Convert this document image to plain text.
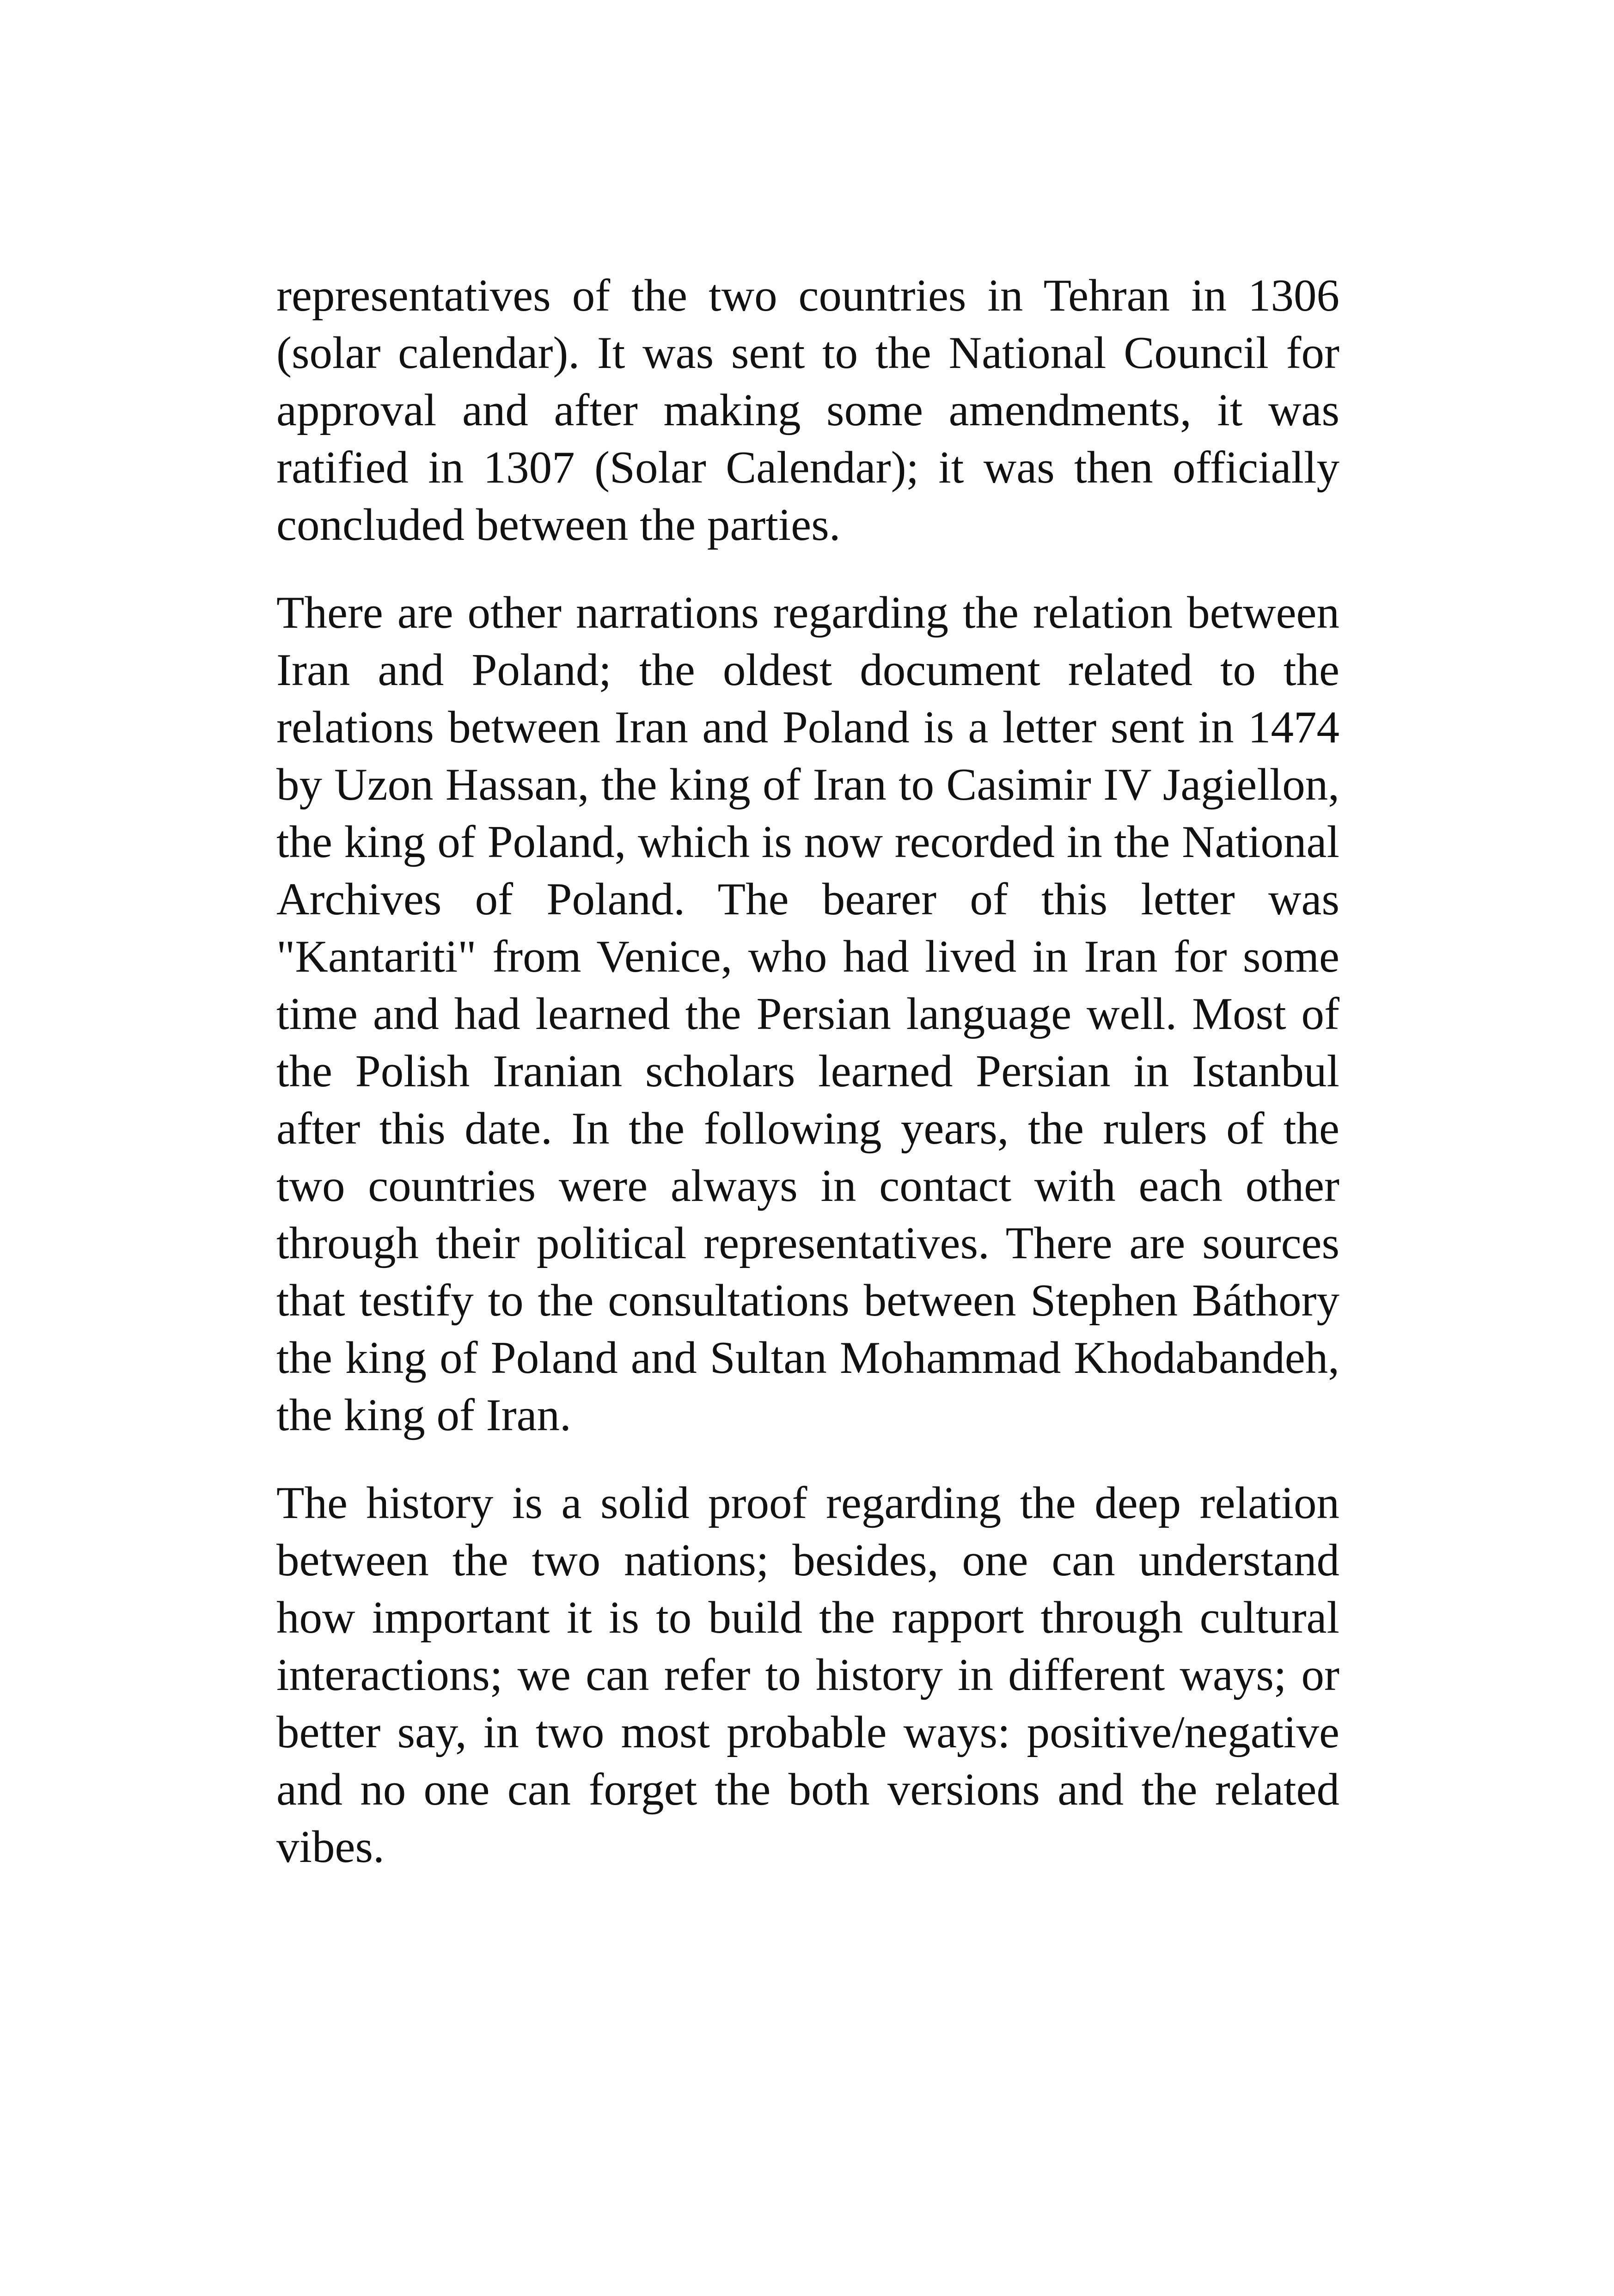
representatives of the two countries in Tehran in 1306 (solar calendar). It was sent to the National Council for approval and after making some amendments, it was ratified in 1307 (Solar Calendar); it was then officially concluded between the parties.

There are other narrations regarding the relation between Iran and Poland; the oldest document related to the relations between Iran and Poland is a letter sent in 1474 by Uzon Hassan, the king of Iran to Casimir IV Jagiellon, the king of Poland, which is now recorded in the National Archives of Poland. The bearer of this letter was "Kantariti" from Venice, who had lived in Iran for some time and had learned the Persian language well. Most of the Polish Iranian scholars learned Persian in Istanbul after this date. In the following years, the rulers of the two countries were always in contact with each other through their political representatives. There are sources that testify to the consultations between Stephen Báthory the king of Poland and Sultan Mohammad Khodabandeh, the king of Iran.

The history is a solid proof regarding the deep relation between the two nations; besides, one can understand how important it is to build the rapport through cultural interactions; we can refer to history in different ways; or better say, in two most probable ways: positive/negative and no one can forget the both versions and the related vibes.
